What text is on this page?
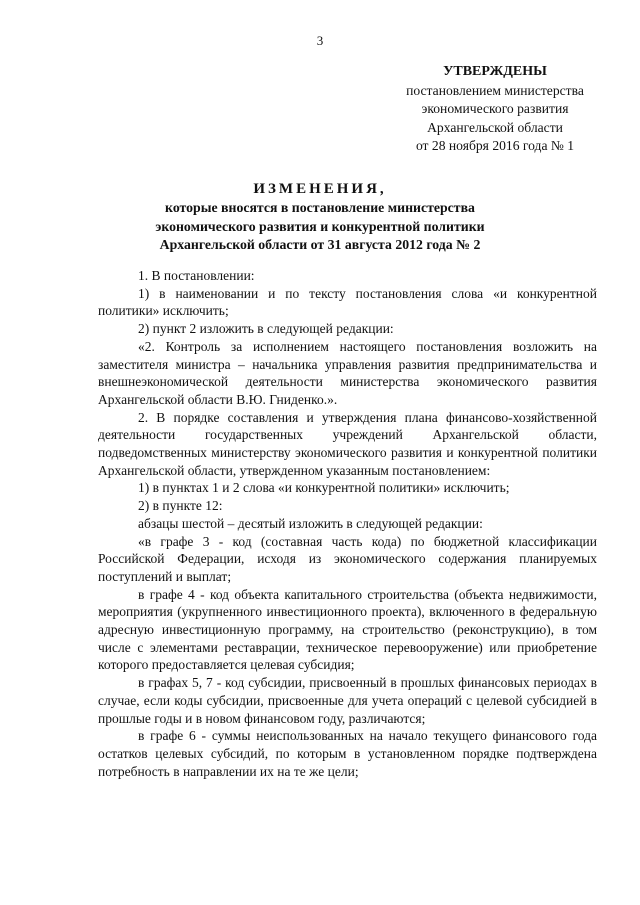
3
УТВЕРЖДЕНЫ
постановлением министерства
экономического развития
Архангельской области
от 28 ноября 2016 года № 1
ИЗМЕНЕНИЯ,
которые вносятся в постановление министерства
экономического развития и конкурентной политики
Архангельской области от 31 августа 2012 года № 2

1. В постановлении:

1) в наименовании и по тексту постановления слова «и конкурентной политики» исключить;

2) пункт 2 изложить в следующей редакции:

«2. Контроль за исполнением настоящего постановления возложить на заместителя министра – начальника управления развития предпринимательства и внешнеэкономической деятельности министерства экономического развития Архангельской области В.Ю. Гниденко.».

2. В порядке составления и утверждения плана финансово-хозяйственной деятельности государственных учреждений Архангельской области, подведомственных министерству экономического развития и конкурентной политики Архангельской области, утвержденном указанным постановлением:

1) в пунктах 1 и 2 слова «и конкурентной политики» исключить;

2) в пункте 12:

абзацы шестой – десятый изложить в следующей редакции:

«в графе 3 - код (составная часть кода) по бюджетной классификации Российской Федерации, исходя из экономического содержания планируемых поступлений и выплат;

в графе 4 - код объекта капитального строительства (объекта недвижимости, мероприятия (укрупненного инвестиционного проекта), включенного в федеральную адресную инвестиционную программу, на строительство (реконструкцию), в том числе с элементами реставрации, техническое перевооружение) или приобретение которого предоставляется целевая субсидия;

в графах 5, 7 - код субсидии, присвоенный в прошлых финансовых периодах в случае, если коды субсидии, присвоенные для учета операций с целевой субсидией в прошлые годы и в новом финансовом году, различаются;

в графе 6 - суммы неиспользованных на начало текущего финансового года остатков целевых субсидий, по которым в установленном порядке подтверждена потребность в направлении их на те же цели;
